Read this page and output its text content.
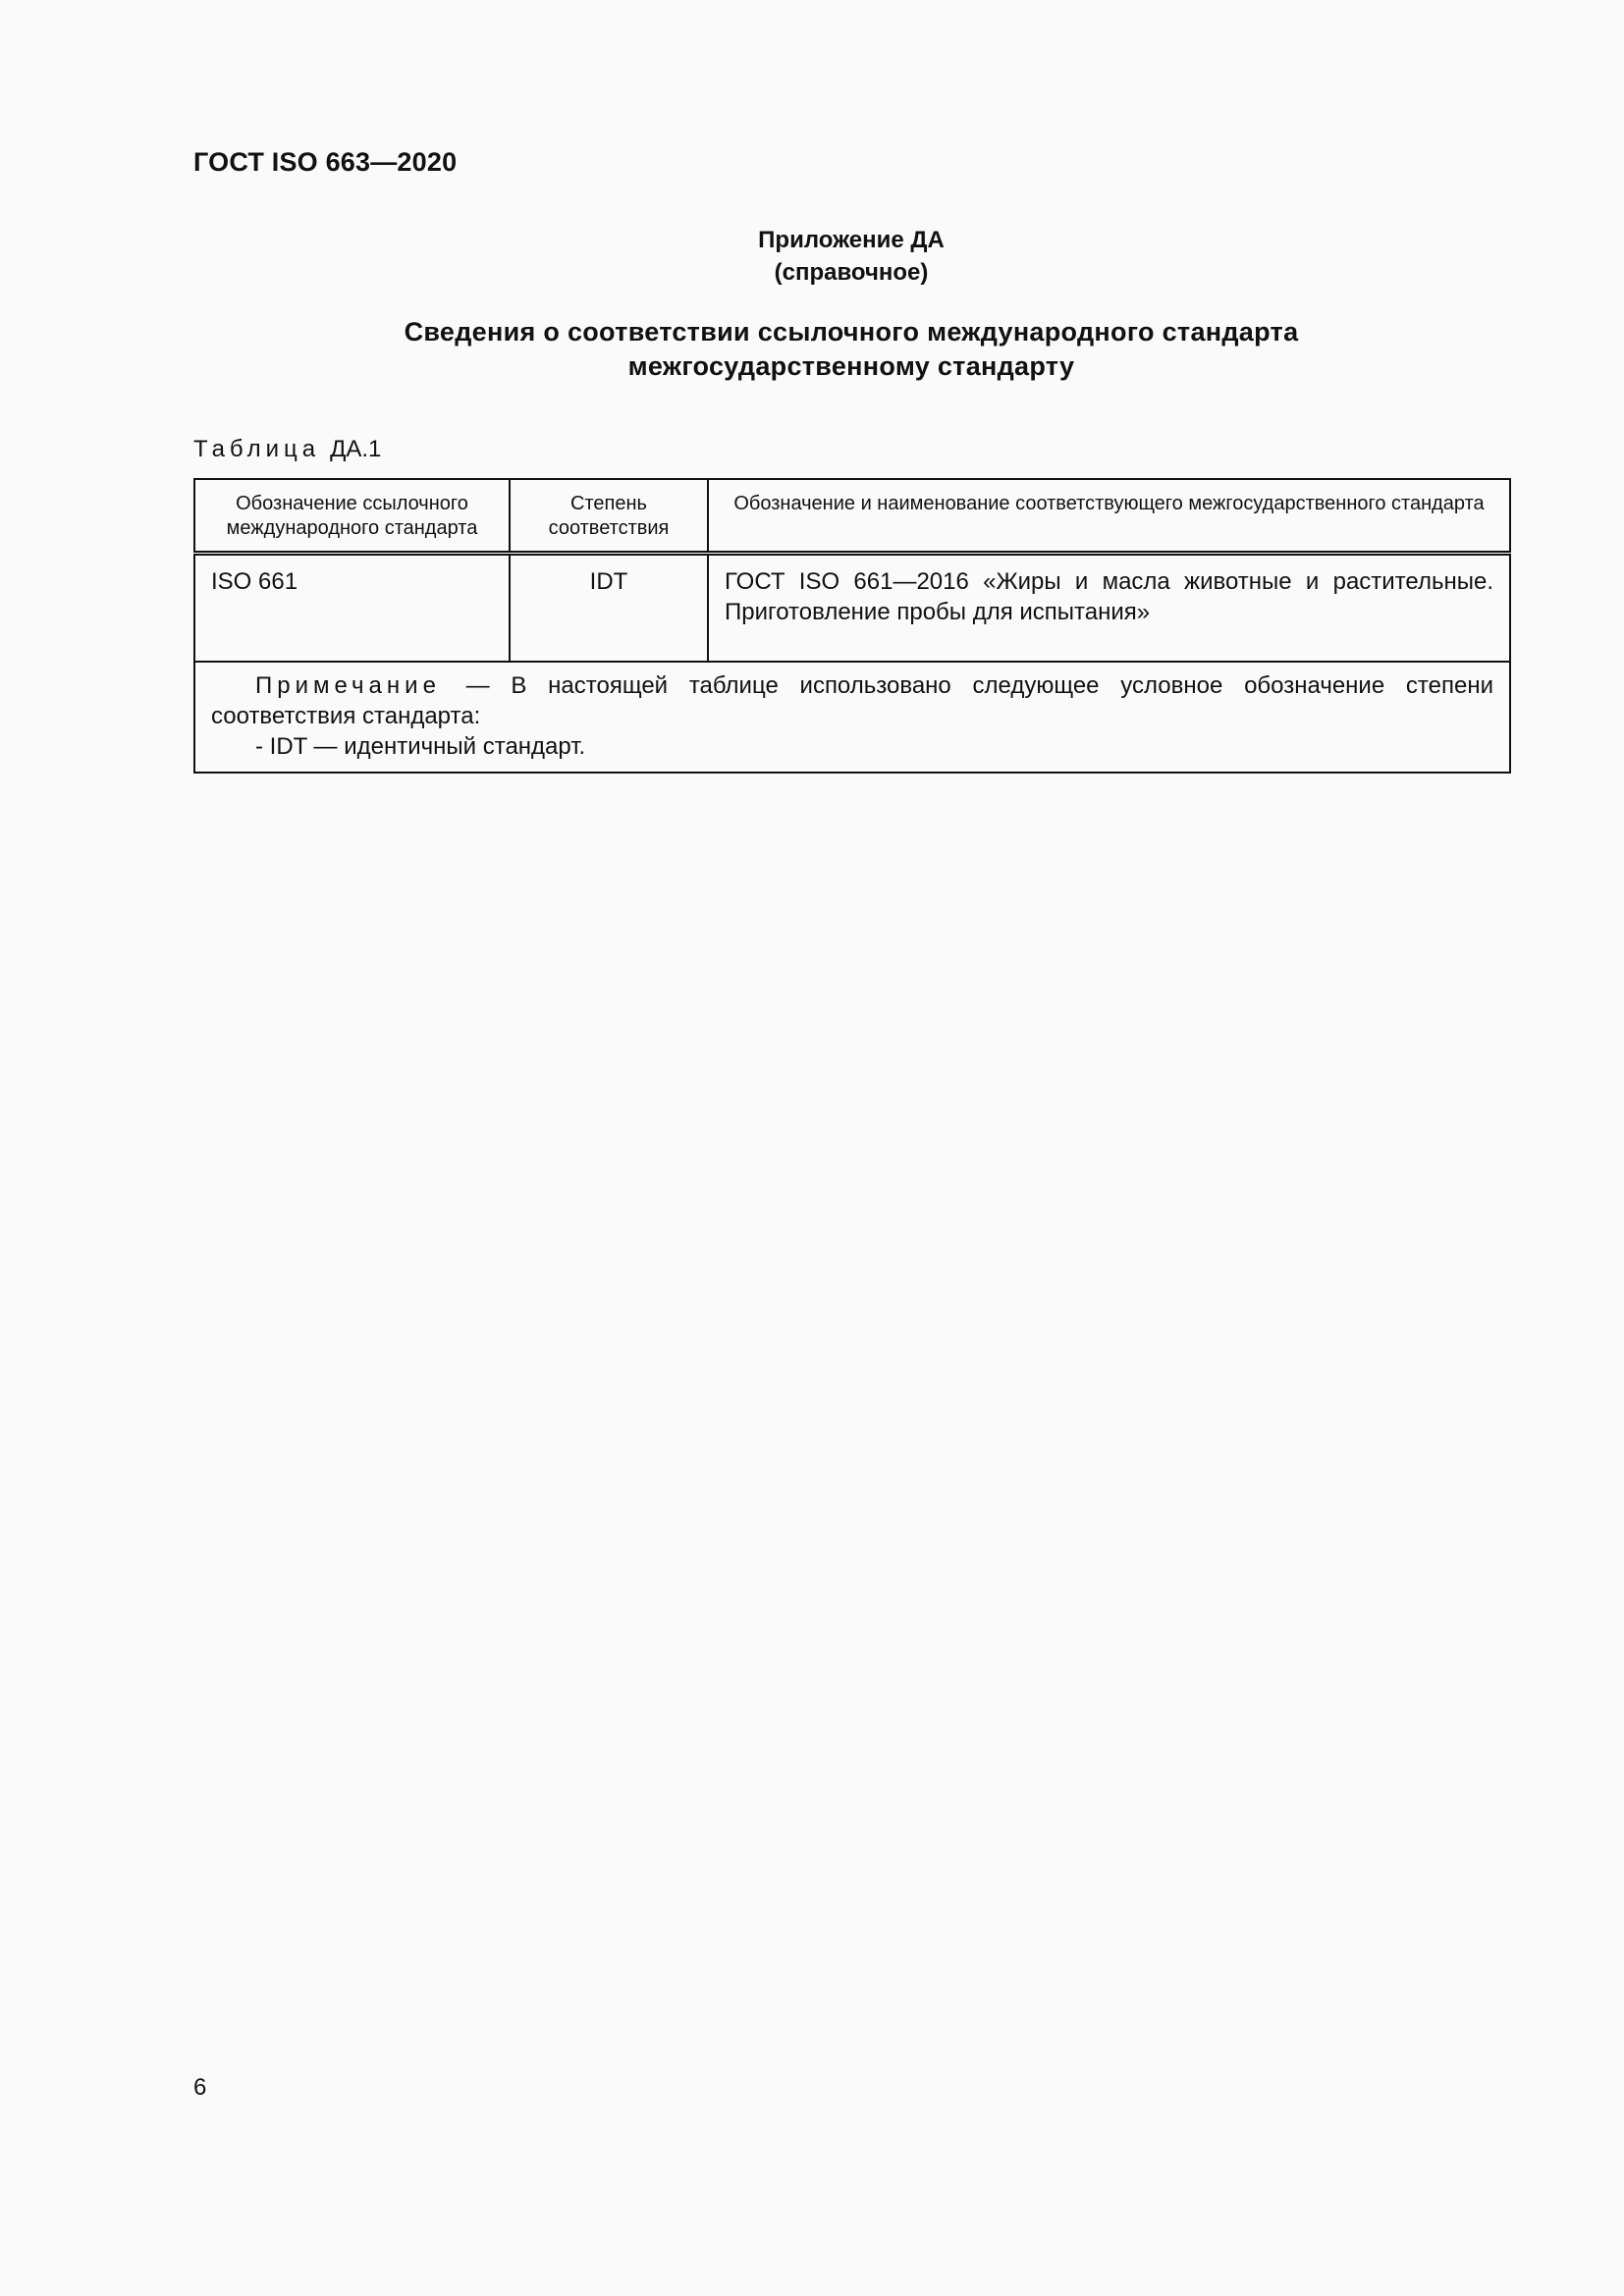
ГОСТ ISO 663—2020
Приложение ДА
(справочное)
Сведения о соответствии ссылочного международного стандарта
межгосударственному стандарту
Таблица ДА.1
Обозначение ссылочного международного стандарта	Степень соответствия	Обозначение и наименование соответствующего межгосударственного стандарта
ISO 661	IDT	ГОСТ ISO 661—2016 «Жиры и масла животные и растительные. Приготовление пробы для испытания»

Примечание — В настоящей таблице использовано следующее условное обозначение степени соответствия стандарта:
- IDT — идентичный стандарт.		
6
